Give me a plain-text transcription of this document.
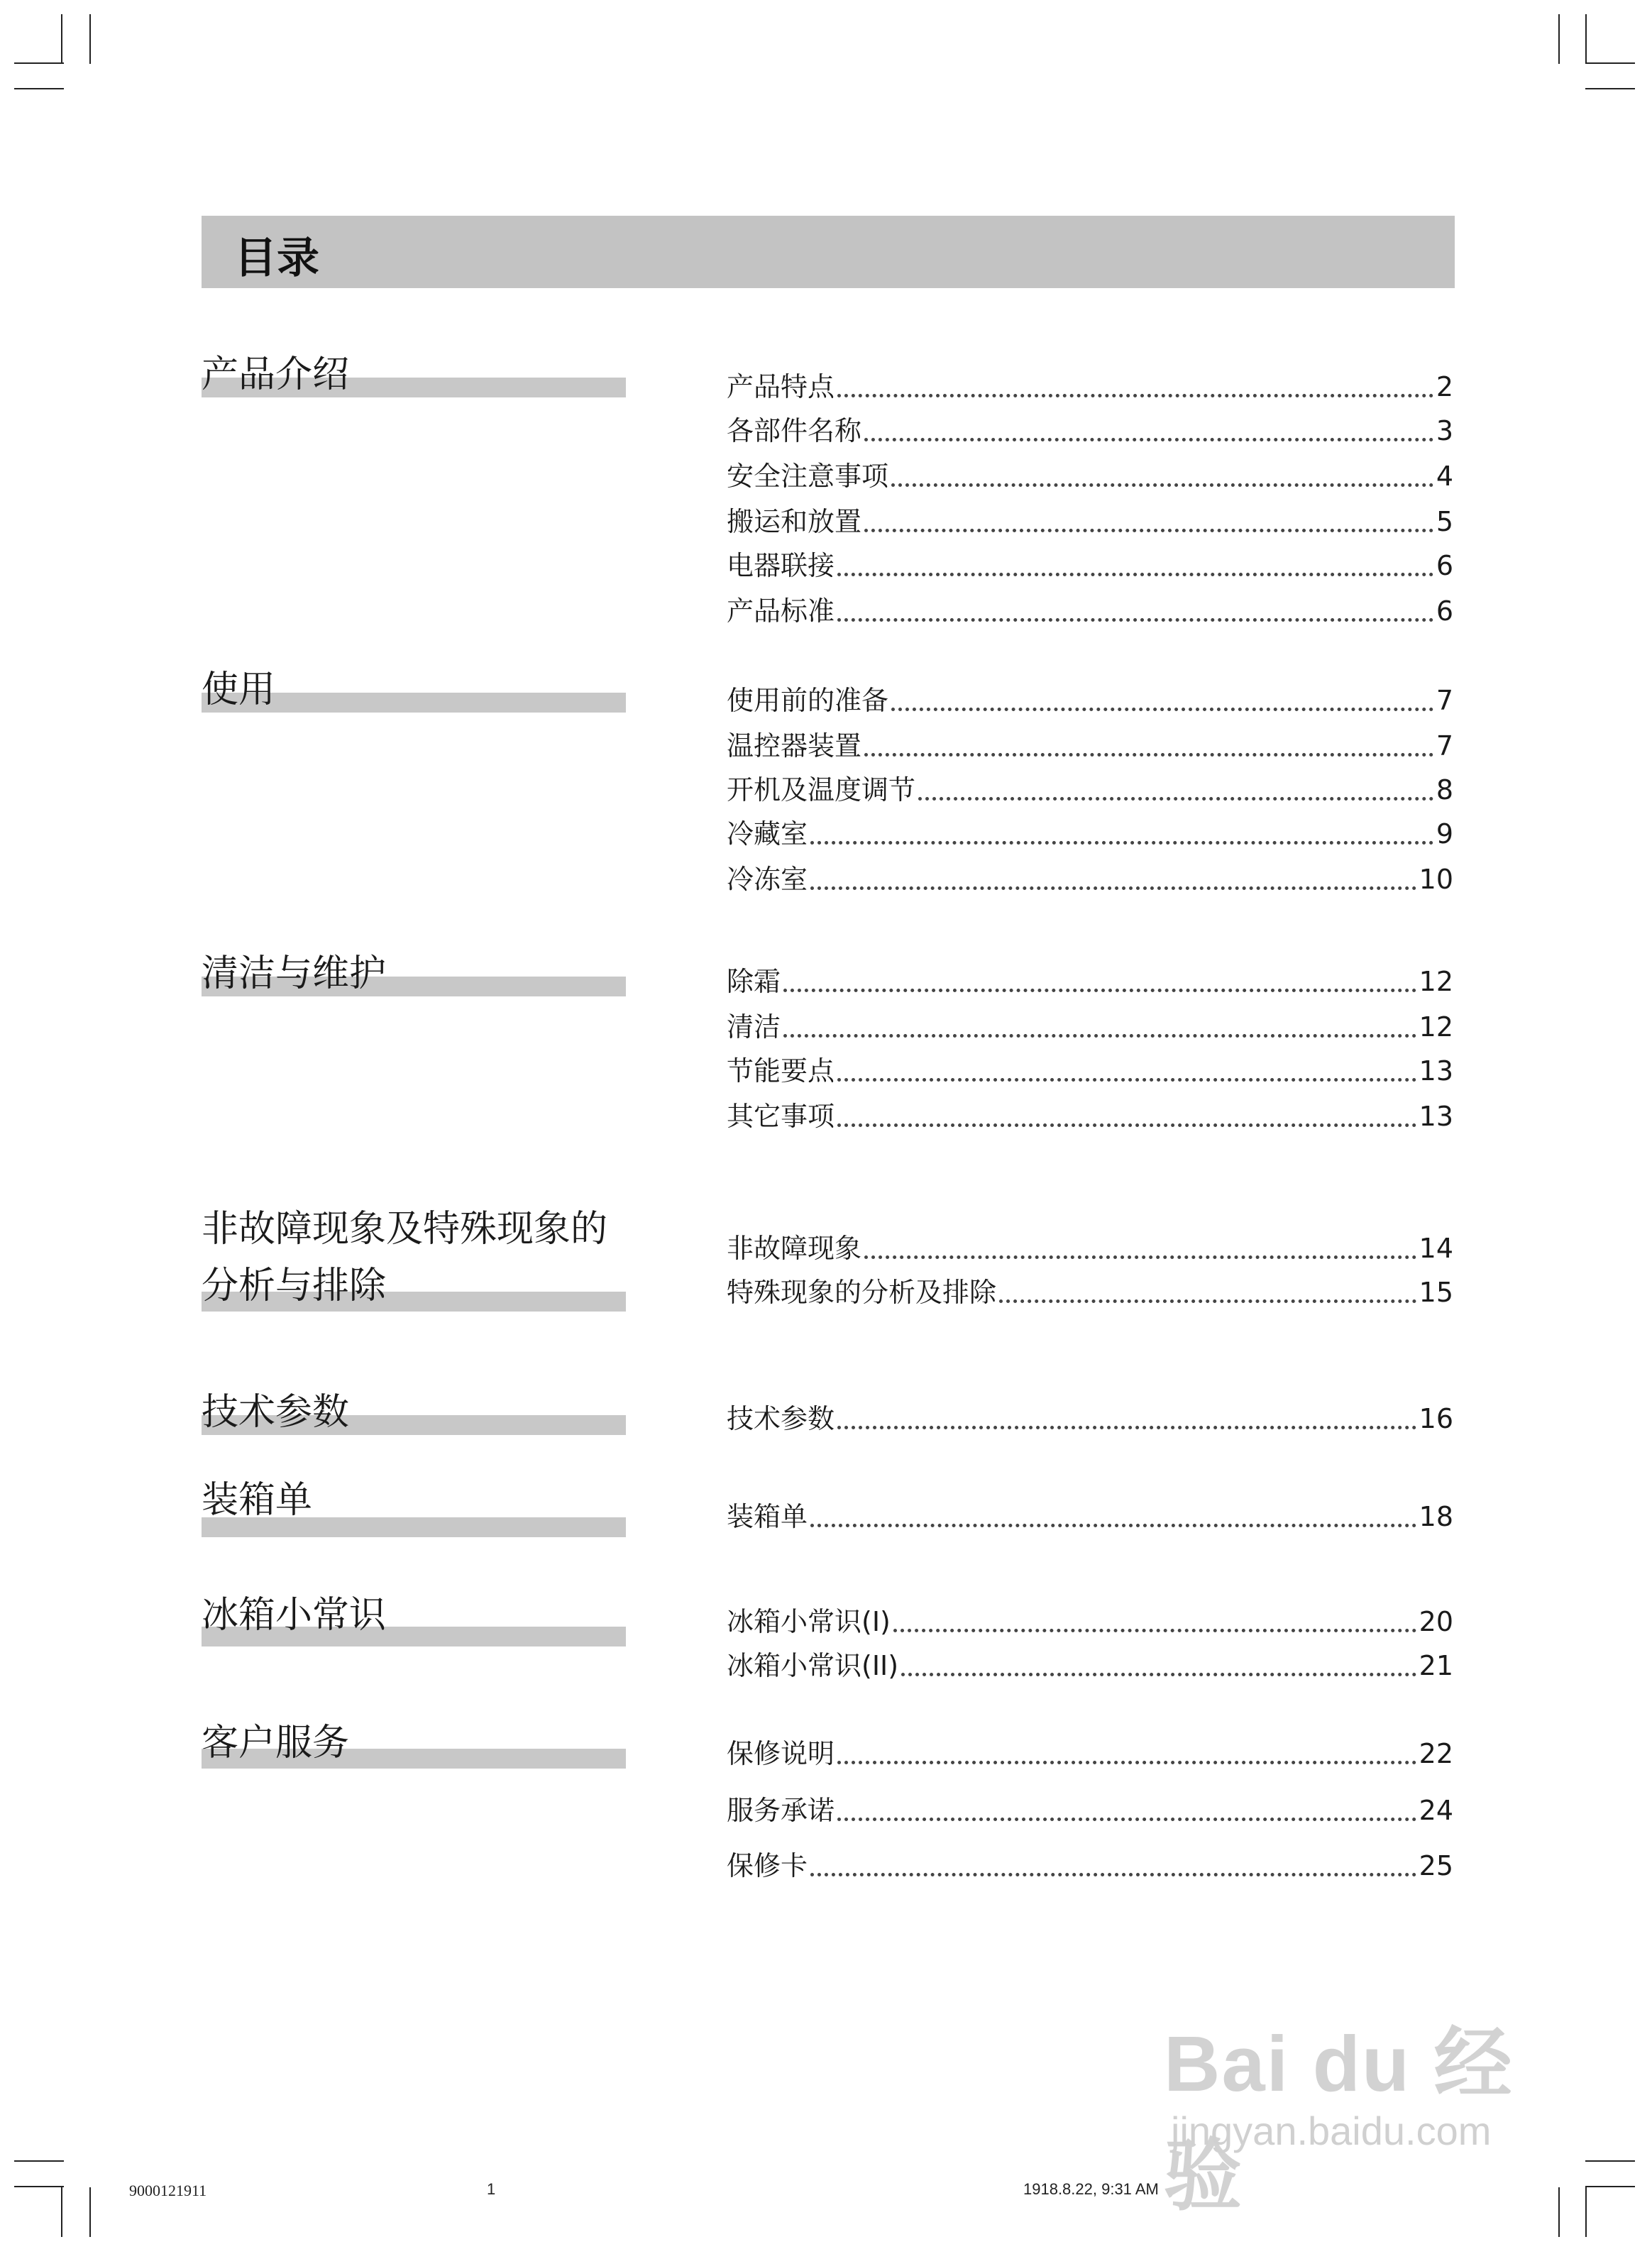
目录
产品介绍
使用
清洁与维护
非故障现象及特殊现象的
分析与排除
技术参数
装箱单
冰箱小常识
客户服务
产品特点	2
各部件名称	3
安全注意事项	4
搬运和放置	5
电器联接	6
产品标准	6
使用前的准备	7
温控器装置	7
开机及温度调节	8
冷藏室	9
冷冻室	10
除霜	12
清洁	12
节能要点	13
其它事项	13
非故障现象	14
特殊现象的分析及排除	15
技术参数	16
装箱单	18
冰箱小常识(I)	20
冰箱小常识(II)	21
保修说明	22
服务承诺	24
保修卡	25
Bai du 经验
jingyan.baidu.com
9000121911	1	1918.8.22, 9:31 AM
